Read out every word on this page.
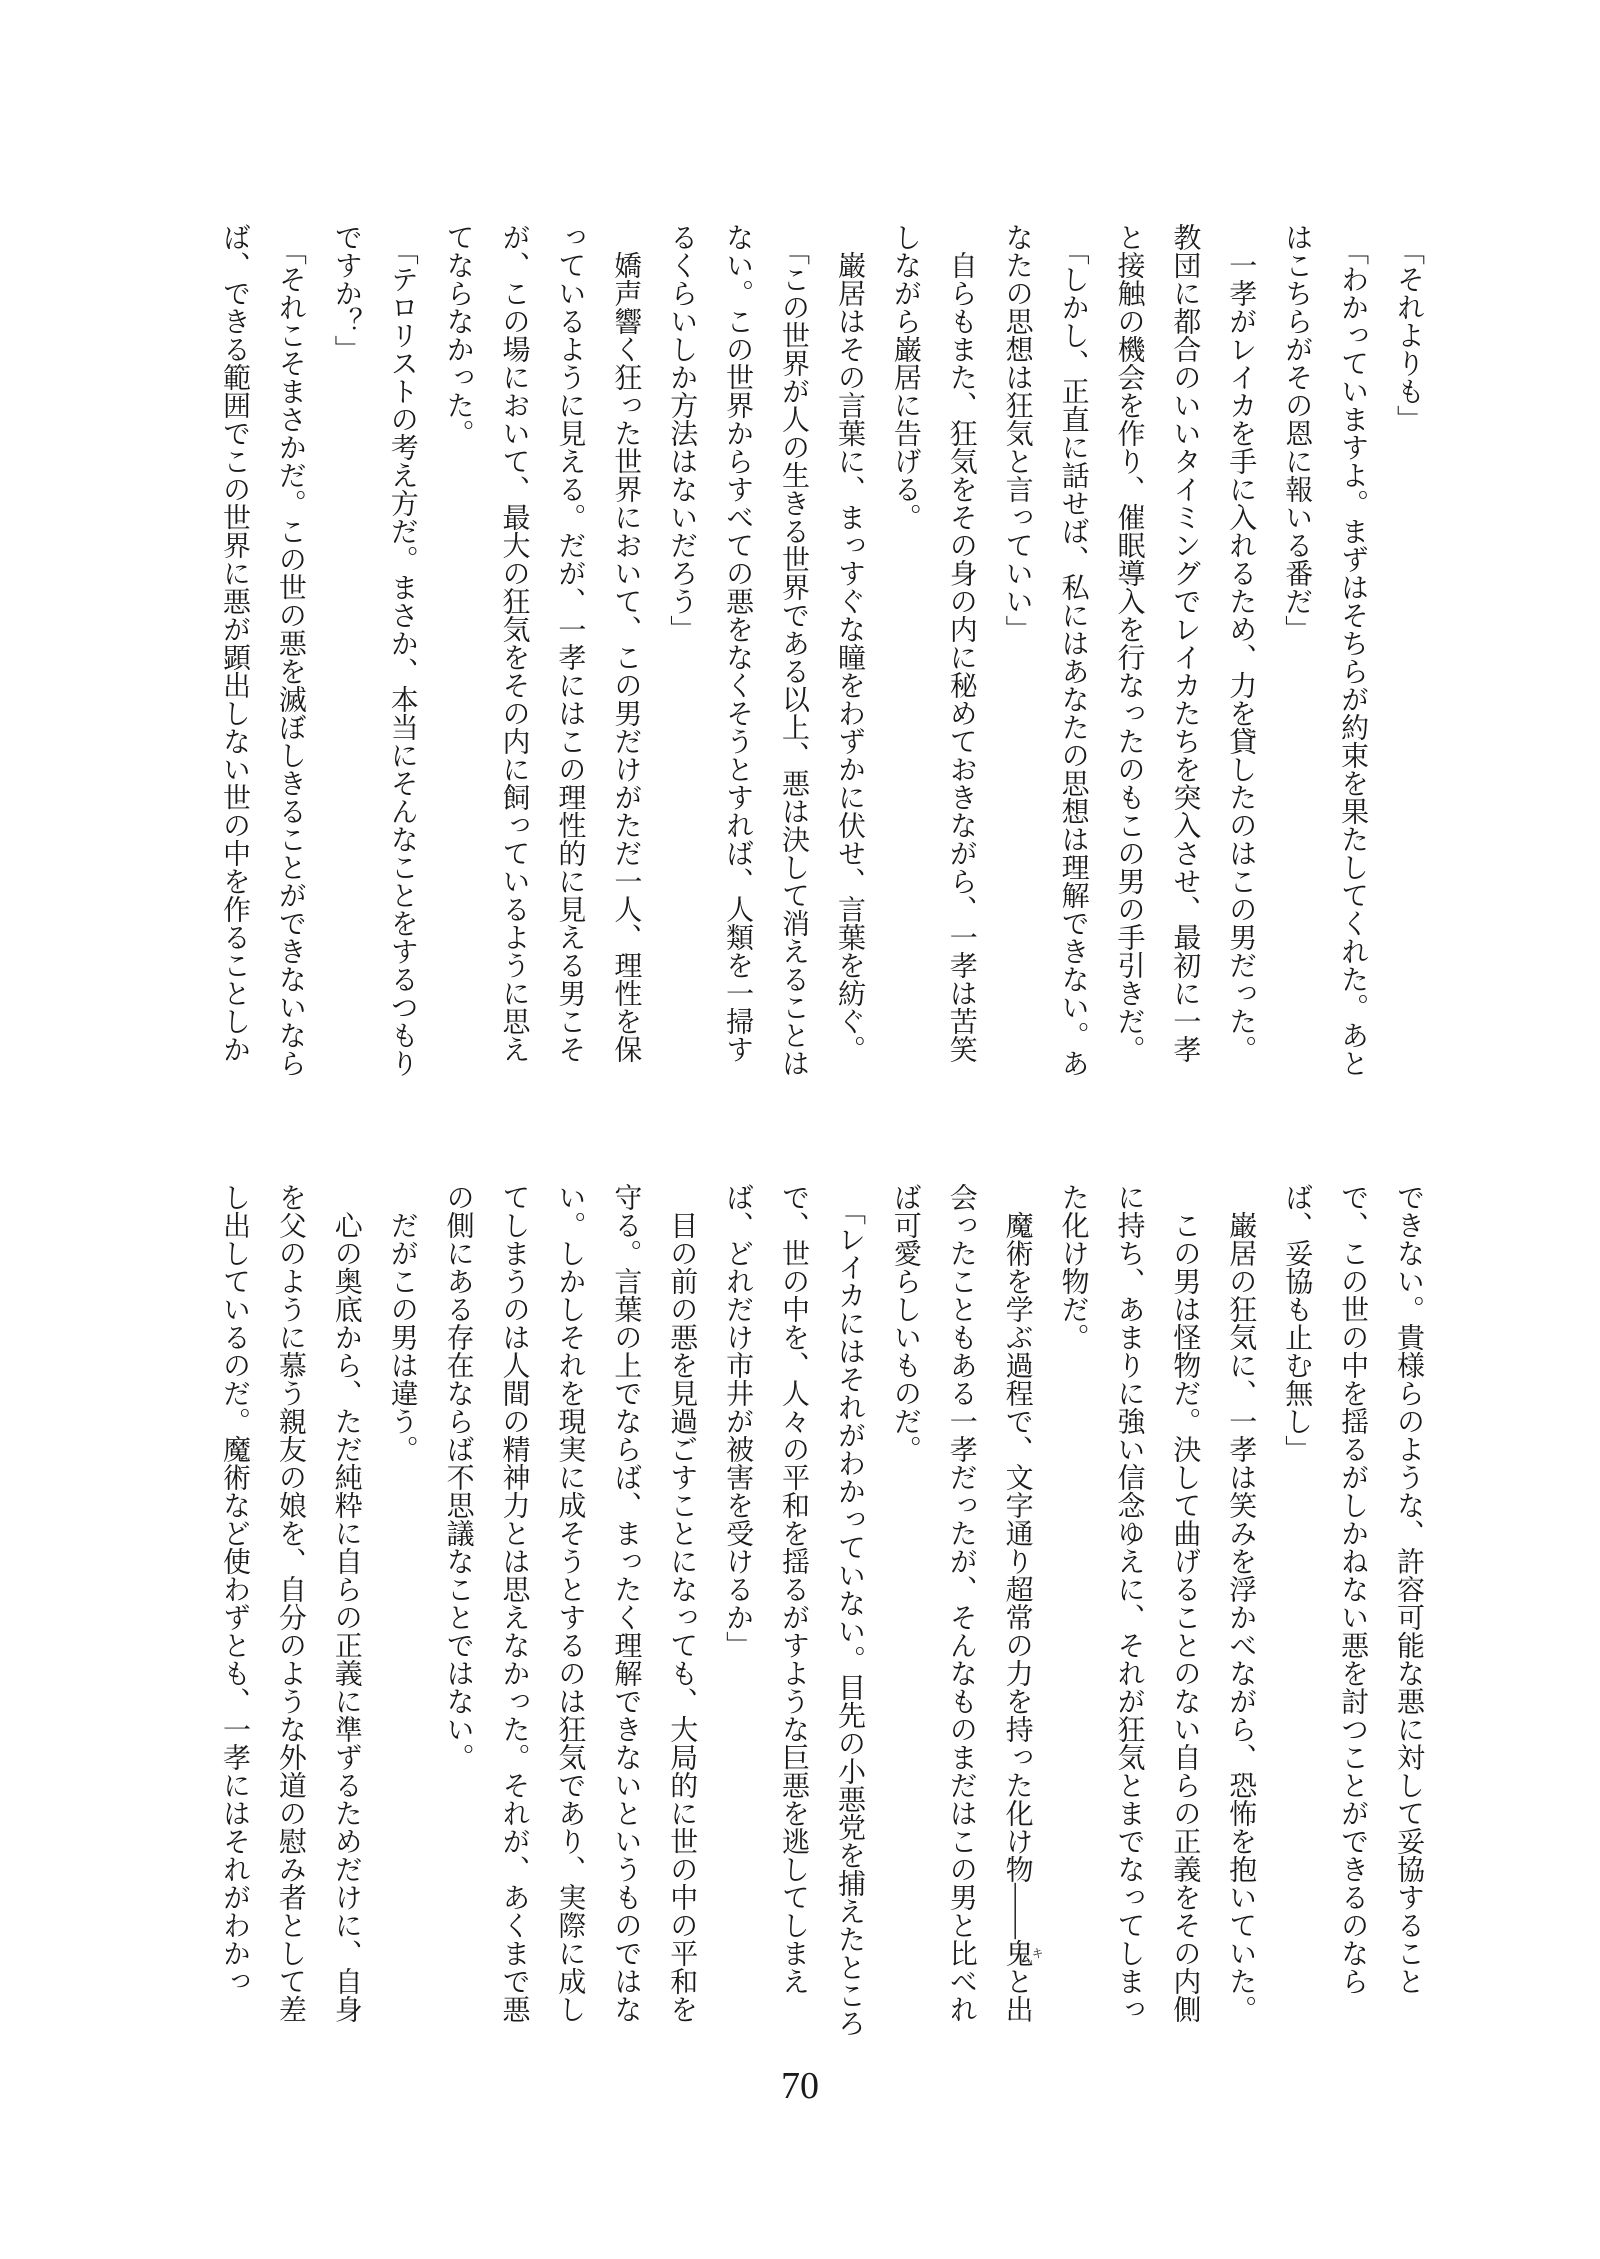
「それよりも」

「わかっていますよ。まずはそちらが約束を果たしてくれた。あと

はこちらがその恩に報いる番だ」

一孝がレイカを手に入れるため、力を貸したのはこの男だった。

教団に都合のいいタイミングでレイカたちを突入させ、最初に一孝

と接触の機会を作り、催眠導入を行なったのもこの男の手引きだ。

「しかし、正直に話せば、私にはあなたの思想は理解できない。あ

なたの思想は狂気と言っていい」

自らもまた、狂気をその身の内に秘めておきながら、一孝は苦笑

しながら巌居に告げる。

巌居はその言葉に、まっすぐな瞳をわずかに伏せ、言葉を紡ぐ。

「この世界が人の生きる世界である以上、悪は決して消えることは

ない。この世界からすべての悪をなくそうとすれば、人類を一掃す

るくらいしか方法はないだろう」

嬌声響く狂った世界において、この男だけがただ一人、理性を保

っているように見える。だが、一孝にはこの理性的に見える男こそ

が、この場において、最大の狂気をその内に飼っているように思え

てならなかった。

「テロリストの考え方だ。まさか、本当にそんなことをするつもり

ですか？」

「それこそまさかだ。この世の悪を滅ぼしきることができないなら

ば、できる範囲でこの世界に悪が顕出しない世の中を作ることしか

できない。貴様らのような、許容可能な悪に対して妥協すること

で、この世の中を揺るがしかねない悪を討つことができるのなら

ば、妥協も止む無し」

巌居の狂気に、一孝は笑みを浮かべながら、恐怖を抱いていた。

この男は怪物だ。決して曲げることのない自らの正義をその内側

に持ち、あまりに強い信念ゆえに、それが狂気とまでなってしまっ

た化け物だ。

魔術を学ぶ過程で、文字通り超常の力を持った化け物――鬼キと出

会ったこともある一孝だったが、そんなものまだはこの男と比べれ

ば可愛らしいものだ。

「レイカにはそれがわかっていない。目先の小悪党を捕えたところ

で、世の中を、人々の平和を揺るがすような巨悪を逃してしまえ

ば、どれだけ市井が被害を受けるか」

目の前の悪を見過ごすことになっても、大局的に世の中の平和を

守る。言葉の上でならば、まったく理解できないというものではな

い。しかしそれを現実に成そうとするのは狂気であり、実際に成し

てしまうのは人間の精神力とは思えなかった。それが、あくまで悪

の側にある存在ならば不思議なことではない。

だがこの男は違う。

心の奥底から、ただ純粋に自らの正義に準ずるためだけに、自身

を父のように慕う親友の娘を、自分のような外道の慰み者として差

し出しているのだ。魔術など使わずとも、一孝にはそれがわかっ

70
